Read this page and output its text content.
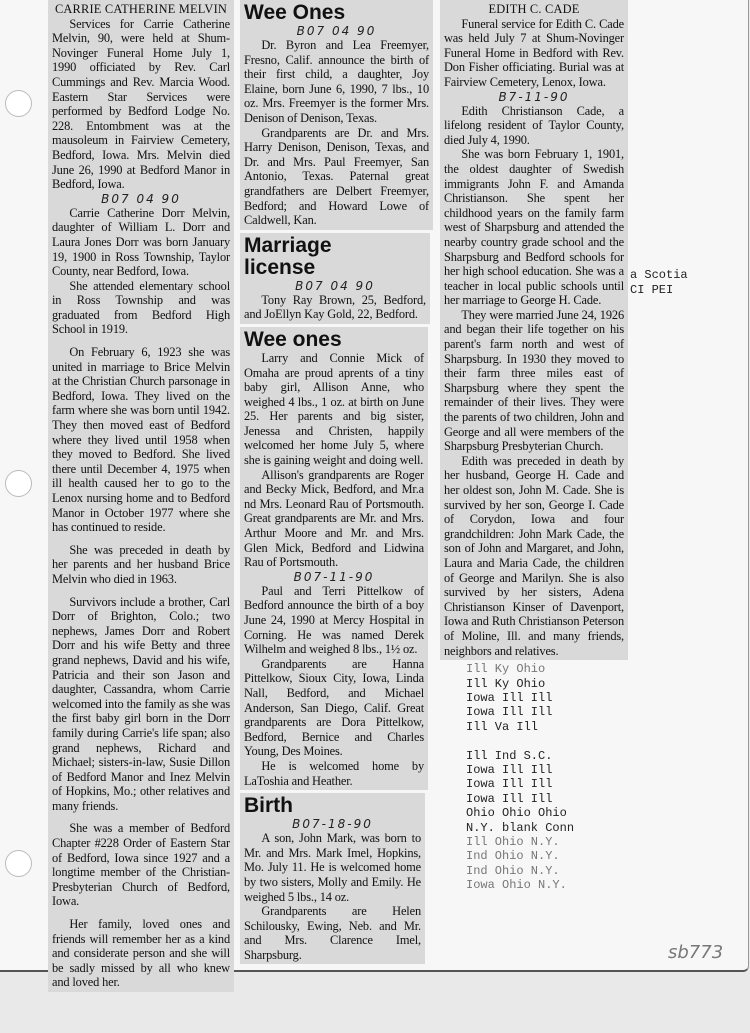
CARRIE CATHERINE MELVIN

Services for Carrie Catherine Melvin, 90, were held at Shum-Novinger Funeral Home July 1, 1990 officiated by Rev. Carl Cummings and Rev. Marcia Wood. Eastern Star Services were performed by Bedford Lodge No. 228. Entombment was at the mausoleum in Fairview Cemetery, Bedford, Iowa. Mrs. Melvin died June 26, 1990 at Bedford Manor in Bedford, Iowa.

B07 04 90

Carrie Catherine Dorr Melvin, daughter of William L. Dorr and Laura Jones Dorr was born January 19, 1900 in Ross Township, Taylor County, near Bedford, Iowa.

She attended elementary school in Ross Township and was graduated from Bedford High School in 1919.

On February 6, 1923 she was united in marriage to Brice Melvin at the Christian Church parsonage in Bedford, Iowa. They lived on the farm where she was born until 1942. They then moved east of Bedford where they lived until 1958 when they moved to Bedford. She lived there until December 4, 1975 when ill health caused her to go to the Lenox nursing home and to Bedford Manor in October 1977 where she has continued to reside.

She was preceded in death by her parents and her husband Brice Melvin who died in 1963.

Survivors include a brother, Carl Dorr of Brighton, Colo.; two nephews, James Dorr and Robert Dorr and his wife Betty and three grand nephews, David and his wife, Patricia and their son Jason and daughter, Cassandra, whom Carrie welcomed into the family as she was the first baby girl born in the Dorr family during Carrie's life span; also grand nephews, Richard and Michael; sisters-in-law, Susie Dillon of Bedford Manor and Inez Melvin of Hopkins, Mo.; other relatives and many friends.

She was a member of Bedford Chapter #228 Order of Eastern Star of Bedford, Iowa since 1927 and a longtime member of the Christian-Presbyterian Church of Bedford, Iowa.

Her family, loved ones and friends will remember her as a kind and considerate person and she will be sadly missed by all who knew and loved her.

Wee Ones
B07 04 90

Dr. Byron and Lea Freemyer, Fresno, Calif. announce the birth of their first child, a daughter, Joy Elaine, born June 6, 1990, 7 lbs., 10 oz. Mrs. Freemyer is the former Mrs. Denison of Denison, Texas.

Grandparents are Dr. and Mrs. Harry Denison, Denison, Texas, and Dr. and Mrs. Paul Freemyer, San Antonio, Texas. Paternal great grandfathers are Delbert Freemyer, Bedford; and Howard Lowe of Caldwell, Kan.

Marriage license
B07 04 90

Tony Ray Brown, 25, Bedford, and JoEllyn Kay Gold, 22, Bedford.

Wee ones

Larry and Connie Mick of Omaha are proud aprents of a tiny baby girl, Allison Anne, who weighed 4 lbs., 1 oz. at birth on June 25. Her parents and big sister, Jenessa and Christen, happily welcomed her home July 5, where she is gaining weight and doing well.

Allison's grandparents are Roger and Becky Mick, Bedford, and Mr.a nd Mrs. Leonard Rau of Portsmouth. Great grandparents are Mr. and Mrs. Arthur Moore and Mr. and Mrs. Glen Mick, Bedford and Lidwina Rau of Portsmouth.

B07-11-90

Paul and Terri Pittelkow of Bedford announce the birth of a boy June 24, 1990 at Mercy Hospital in Corning. He was named Derek Wilhelm and weighed 8 lbs., 1½ oz.

Grandparents are Hanna Pittelkow, Sioux City, Iowa, Linda Nall, Bedford, and Michael Anderson, San Diego, Calif. Great grandparents are Dora Pittelkow, Bedford, Bernice and Charles Young, Des Moines.

He is welcomed home by LaToshia and Heather.

Birth
B07-18-90

A son, John Mark, was born to Mr. and Mrs. Mark Imel, Hopkins, Mo. July 11. He is welcomed home by two sisters, Molly and Emily. He weighed 5 lbs., 14 oz.

Grandparents are Helen Schilousky, Ewing, Neb. and Mr. and Mrs. Clarence Imel, Sharpsburg.

EDITH C. CADE

Funeral service for Edith C. Cade was held July 7 at Shum-Novinger Funeral Home in Bedford with Rev. Don Fisher officiating. Burial was at Fairview Cemetery, Lenox, Iowa.

B7-11-90

Edith Christianson Cade, a lifelong resident of Taylor County, died July 4, 1990.

She was born February 1, 1901, the oldest daughter of Swedish immigrants John F. and Amanda Christianson. She spent her childhood years on the family farm west of Sharpsburg and attended the nearby country grade school and the Sharpsburg and Bedford schools for her high school education. She was a teacher in local public schools until her marriage to George H. Cade.

They were married June 24, 1926 and began their life together on his parent's farm north and west of Sharpsburg. In 1930 they moved to their farm three miles east of Sharpsburg where they spent the remainder of their lives. They were the parents of two children, John and George and all were members of the Sharpsburg Presbyterian Church.

Edith was preceded in death by her husband, George H. Cade and her oldest son, John M. Cade. She is survived by her son, George I. Cade of Corydon, Iowa and four grandchildren: John Mark Cade, the son of John and Margaret, and John, Laura and Maria Cade, the children of George and Marilyn. She is also survived by her sisters, Adena Christianson Kinser of Davenport, Iowa and Ruth Christianson Peterson of Moline, Ill. and many friends, neighbors and relatives.

Ill Ky Ohio
Ill Ky Ohio
Iowa Ill Ill
Iowa Ill Ill
Ill Va Ill

Ill Ind S.C.
Iowa Ill Ill
Iowa Ill Ill
Iowa Ill Ill
Ohio Ohio Ohio
N.Y. blank Conn
Ill Ohio N.Y.
Ind Ohio N.Y.
Ind Ohio N.Y.
Iowa Ohio N.Y.
a Scotia
CI PEI
sb773
